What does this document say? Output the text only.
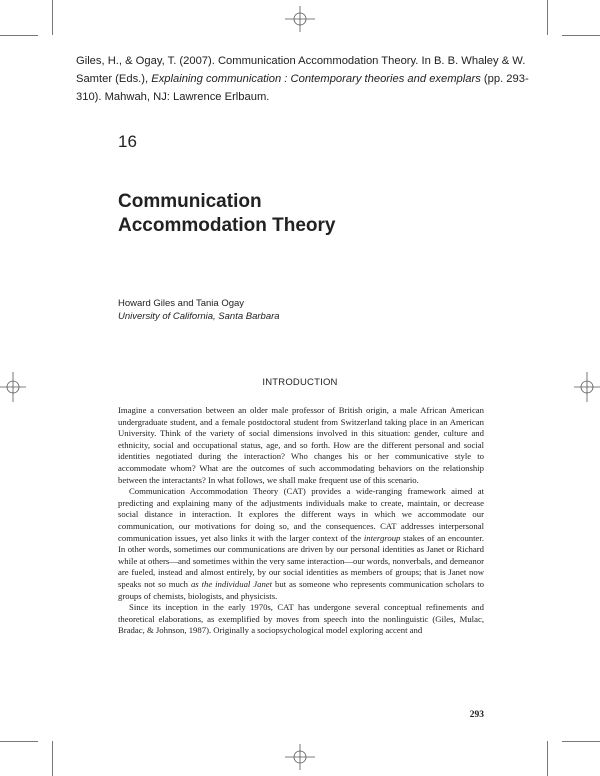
Giles, H., & Ogay, T. (2007). Communication Accommodation Theory. In B. B. Whaley & W. Samter (Eds.), Explaining communication : Contemporary theories and exemplars (pp. 293-310). Mahwah, NJ: Lawrence Erlbaum.
16
Communication
Accommodation Theory
Howard Giles and Tania Ogay
University of California, Santa Barbara
INTRODUCTION

Imagine a conversation between an older male professor of British origin, a male African American undergraduate student, and a female postdoctoral student from Switzerland taking place in an American University. Think of the variety of social dimensions involved in this situation: gender, culture and ethnicity, social and occupational status, age, and so forth. How are the different personal and social identities negotiated during the interaction? Who changes his or her communicative style to accommodate whom? What are the outcomes of such accommodating behaviors on the relationship between the interactants? In what follows, we shall make frequent use of this scenario.

Communication Accommodation Theory (CAT) provides a wide-ranging framework aimed at predicting and explaining many of the adjustments individuals make to create, maintain, or decrease social distance in interaction. It explores the different ways in which we accommodate our communication, our motivations for doing so, and the consequences. CAT addresses interpersonal communication issues, yet also links it with the larger context of the intergroup stakes of an encounter. In other words, sometimes our communications are driven by our personal identities as Janet or Richard while at others—and sometimes within the very same interaction—our words, nonverbals, and demeanor are fueled, instead and almost entirely, by our social identities as members of groups; that is Janet now speaks not so much as the individual Janet but as someone who represents communication scholars to groups of chemists, biologists, and physicists.

Since its inception in the early 1970s, CAT has undergone several conceptual refinements and theoretical elaborations, as exemplified by moves from speech into the nonlinguistic (Giles, Mulac, Bradac, & Johnson, 1987). Originally a sociopsychological model exploring accent and

293
